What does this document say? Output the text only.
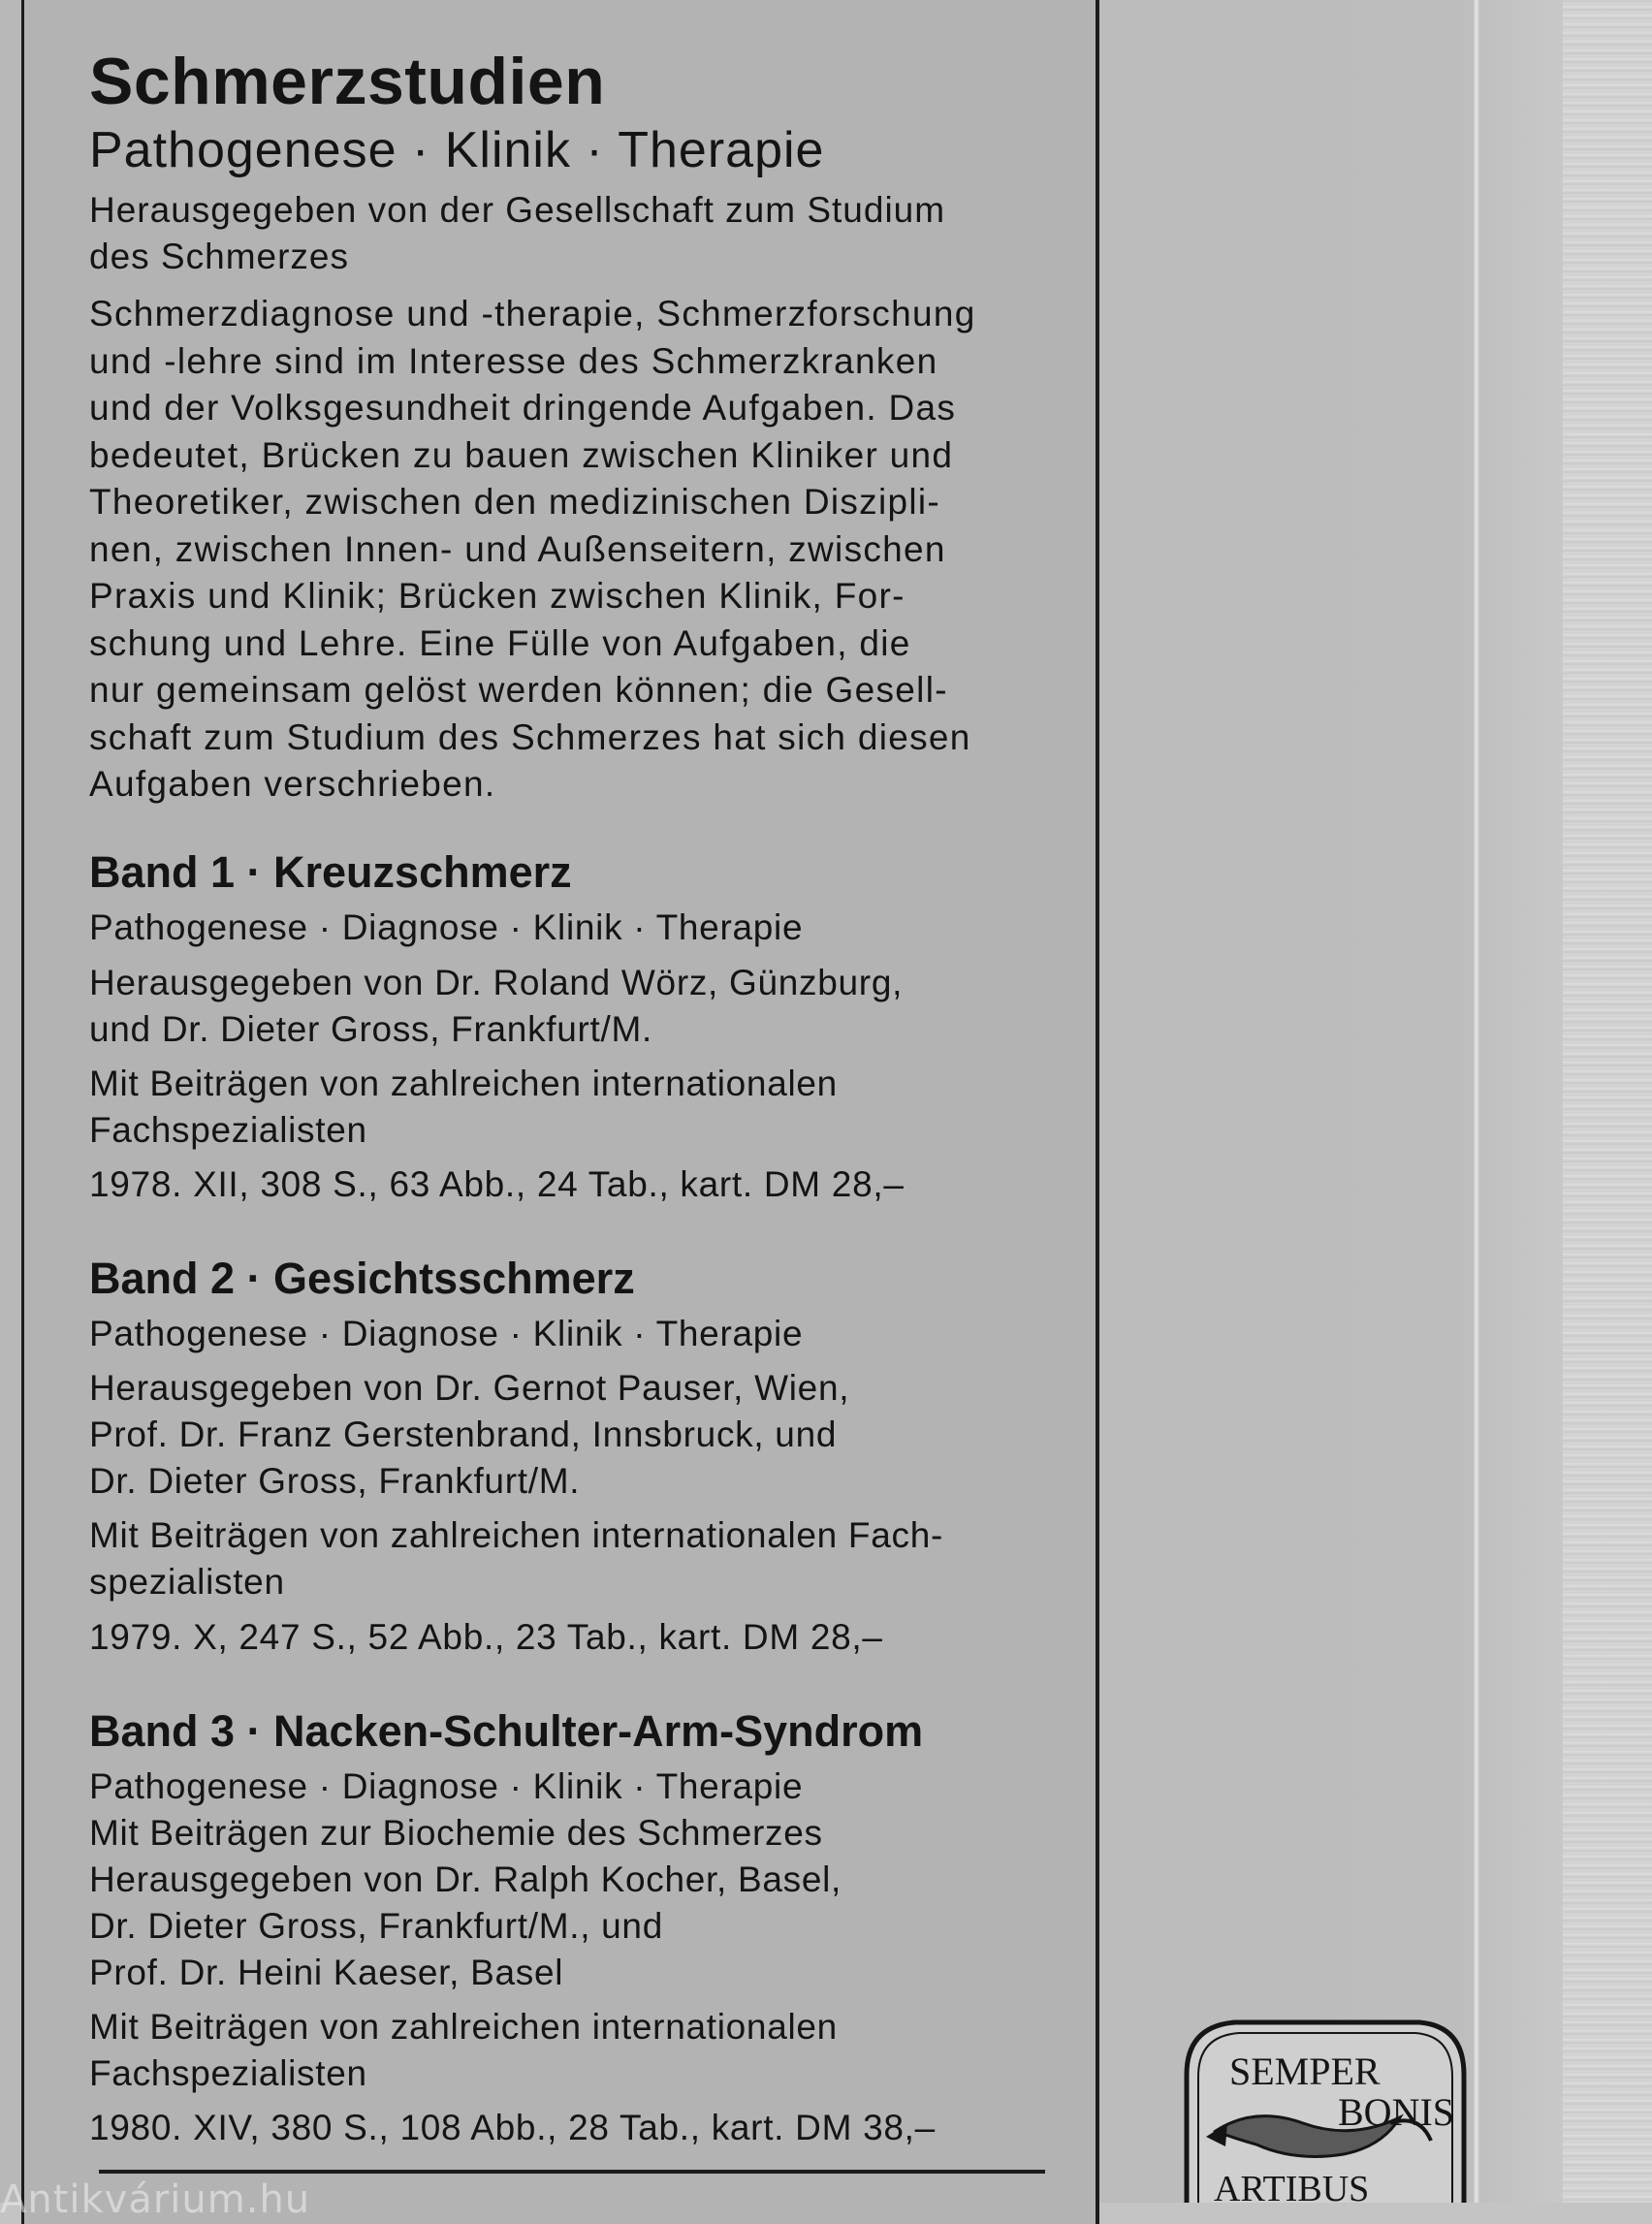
Schmerzstudien
Pathogenese · Klinik · Therapie
Herausgegeben von der Gesellschaft zum Studium
des Schmerzes
Schmerzdiagnose und -therapie, Schmerzforschung
und -lehre sind im Interesse des Schmerzkranken
und der Volksgesundheit dringende Aufgaben. Das
bedeutet, Brücken zu bauen zwischen Kliniker und
Theoretiker, zwischen den medizinischen Diszipli-
nen, zwischen Innen- und Außenseitern, zwischen
Praxis und Klinik; Brücken zwischen Klinik, For-
schung und Lehre. Eine Fülle von Aufgaben, die
nur gemeinsam gelöst werden können; die Gesell-
schaft zum Studium des Schmerzes hat sich diesen
Aufgaben verschrieben.
Band 1 · Kreuzschmerz
Pathogenese · Diagnose · Klinik · Therapie
Herausgegeben von Dr. Roland Wörz, Günzburg,
und Dr. Dieter Gross, Frankfurt/M.
Mit Beiträgen von zahlreichen internationalen
Fachspezialisten
1978. XII, 308 S., 63 Abb., 24 Tab., kart. DM 28,–
Band 2 · Gesichtsschmerz
Pathogenese · Diagnose · Klinik · Therapie
Herausgegeben von Dr. Gernot Pauser, Wien,
Prof. Dr. Franz Gerstenbrand, Innsbruck, und
Dr. Dieter Gross, Frankfurt/M.
Mit Beiträgen von zahlreichen internationalen Fach-
spezialisten
1979. X, 247 S., 52 Abb., 23 Tab., kart. DM 28,–
Band 3 · Nacken-Schulter-Arm-Syndrom
Pathogenese · Diagnose · Klinik · Therapie
Mit Beiträgen zur Biochemie des Schmerzes
Herausgegeben von Dr. Ralph Kocher, Basel,
Dr. Dieter Gross, Frankfurt/M., und
Prof. Dr. Heini Kaeser, Basel
Mit Beiträgen von zahlreichen internationalen
Fachspezialisten
1980. XIV, 380 S., 108 Abb., 28 Tab., kart. DM 38,–
SEMPER
BONIS
ARTIBUS
Antikvárium.hu
